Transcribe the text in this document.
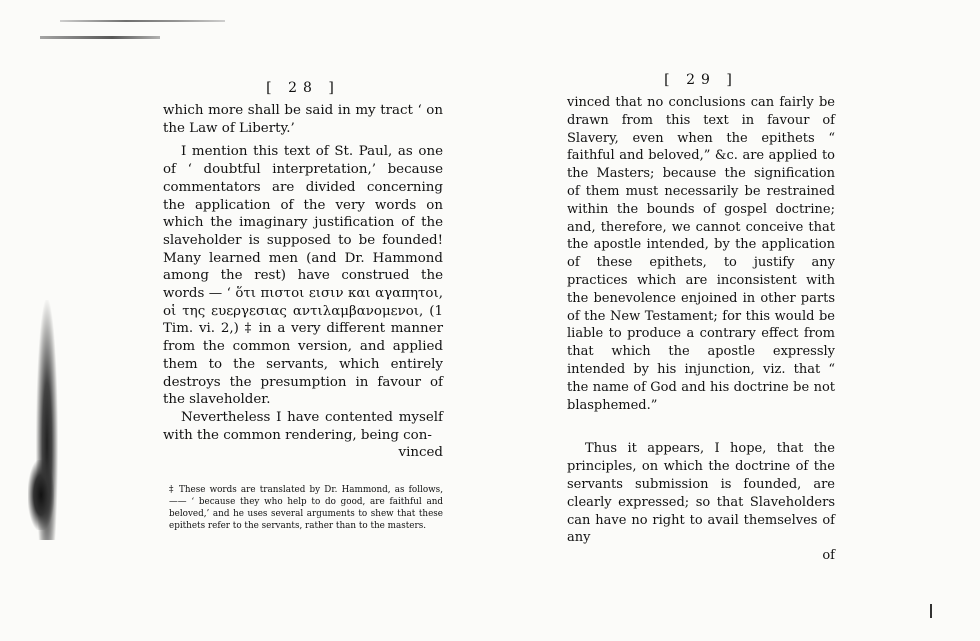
[ 28 ]

which more shall be said in my tract ‘ on the Law of Liberty.’

I mention this text of St. Paul, as one of ‘ doubtful interpretation,’ because commentators are divided concerning the application of the very words on which the imaginary justification of the slaveholder is supposed to be founded! Many learned men (and Dr. Hammond among the rest) have construed the words — ‘ ὅτι πιστοι εισιν και αγαπητοι, οἱ της ευεργεσιας αντιλαμβανομενοι, (1 Tim. vi. 2,) ‡ in a very different manner from the common version, and applied them to the servants, which entirely destroys the presumption in favour of the slaveholder.

Nevertheless I have contented myself with the common rendering, being con-

vinced

‡ These words are translated by Dr. Hammond, as follows, —— ‘ because they who help to do good, are faithful and beloved,’ and he uses several arguments to shew that these epithets refer to the servants, rather than to the masters.

[ 29 ]

vinced that no conclusions can fairly be drawn from this text in favour of Slavery, even when the epithets “ faithful and beloved,” &c. are applied to the Masters; because the signification of them must necessarily be restrained within the bounds of gospel doctrine; and, therefore, we cannot conceive that the apostle intended, by the application of these epithets, to justify any practices which are inconsistent with the benevolence enjoined in other parts of the New Testament; for this would be liable to produce a contrary effect from that which the apostle expressly intended by his injunction, viz. that “ the name of God and his doctrine be not blasphemed.”

Thus it appears, I hope, that the principles, on which the doctrine of the servants submission is founded, are clearly expressed; so that Slaveholders can have no right to avail themselves of any

of
